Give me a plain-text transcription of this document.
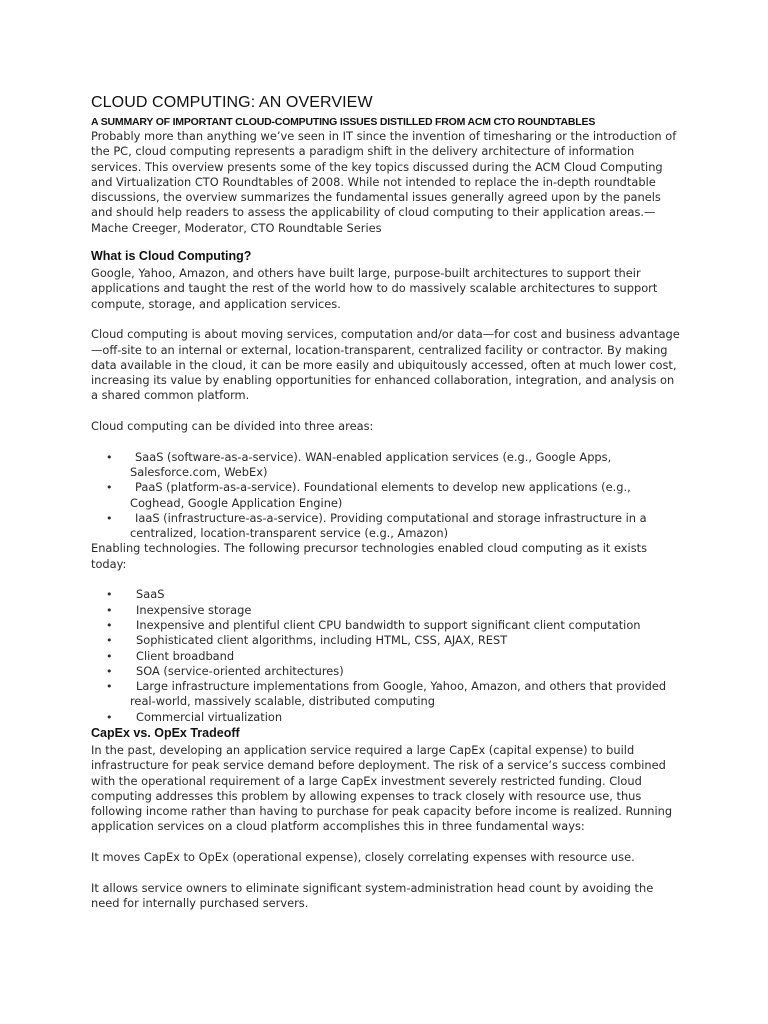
CLOUD COMPUTING: AN OVERVIEW
A SUMMARY OF IMPORTANT CLOUD-COMPUTING ISSUES DISTILLED FROM ACM CTO ROUNDTABLES

Probably more than anything we’ve seen in IT since the invention of timesharing or the introduction of the PC, cloud computing represents a paradigm shift in the delivery architecture of information services. This overview presents some of the key topics discussed during the ACM Cloud Computing and Virtualization CTO Roundtables of 2008. While not intended to replace the in-depth roundtable discussions, the overview summarizes the fundamental issues generally agreed upon by the panels and should help readers to assess the applicability of cloud computing to their application areas.—Mache Creeger, Moderator, CTO Roundtable Series

What is Cloud Computing?

Google, Yahoo, Amazon, and others have built large, purpose-built architectures to support their applications and taught the rest of the world how to do massively scalable architectures to support compute, storage, and application services.

Cloud computing is about moving services, computation and/or data—for cost and business advantage—off-site to an internal or external, location-transparent, centralized facility or contractor. By making data available in the cloud, it can be more easily and ubiquitously accessed, often at much lower cost, increasing its value by enabling opportunities for enhanced collaboration, integration, and analysis on a shared common platform.

Cloud computing can be divided into three areas:

•	SaaS (software-as-a-service). WAN-enabled application services (e.g., Google Apps, Salesforce.com, WebEx)
•	PaaS (platform-as-a-service). Foundational elements to develop new applications (e.g., Coghead, Google Application Engine)
•	IaaS (infrastructure-as-a-service). Providing computational and storage infrastructure in a centralized, location-transparent service (e.g., Amazon)

Enabling technologies. The following precursor technologies enabled cloud computing as it exists today:

•	SaaS
•	Inexpensive storage
•	Inexpensive and plentiful client CPU bandwidth to support significant client computation
•	Sophisticated client algorithms, including HTML, CSS, AJAX, REST
•	Client broadband
•	SOA (service-oriented architectures)
•	Large infrastructure implementations from Google, Yahoo, Amazon, and others that provided real-world, massively scalable, distributed computing
•	Commercial virtualization
CapEx vs. OpEx Tradeoff

In the past, developing an application service required a large CapEx (capital expense) to build infrastructure for peak service demand before deployment. The risk of a service’s success combined with the operational requirement of a large CapEx investment severely restricted funding. Cloud computing addresses this problem by allowing expenses to track closely with resource use, thus following income rather than having to purchase for peak capacity before income is realized. Running application services on a cloud platform accomplishes this in three fundamental ways:

It moves CapEx to OpEx (operational expense), closely correlating expenses with resource use.

It allows service owners to eliminate significant system-administration head count by avoiding the need for internally purchased servers.
